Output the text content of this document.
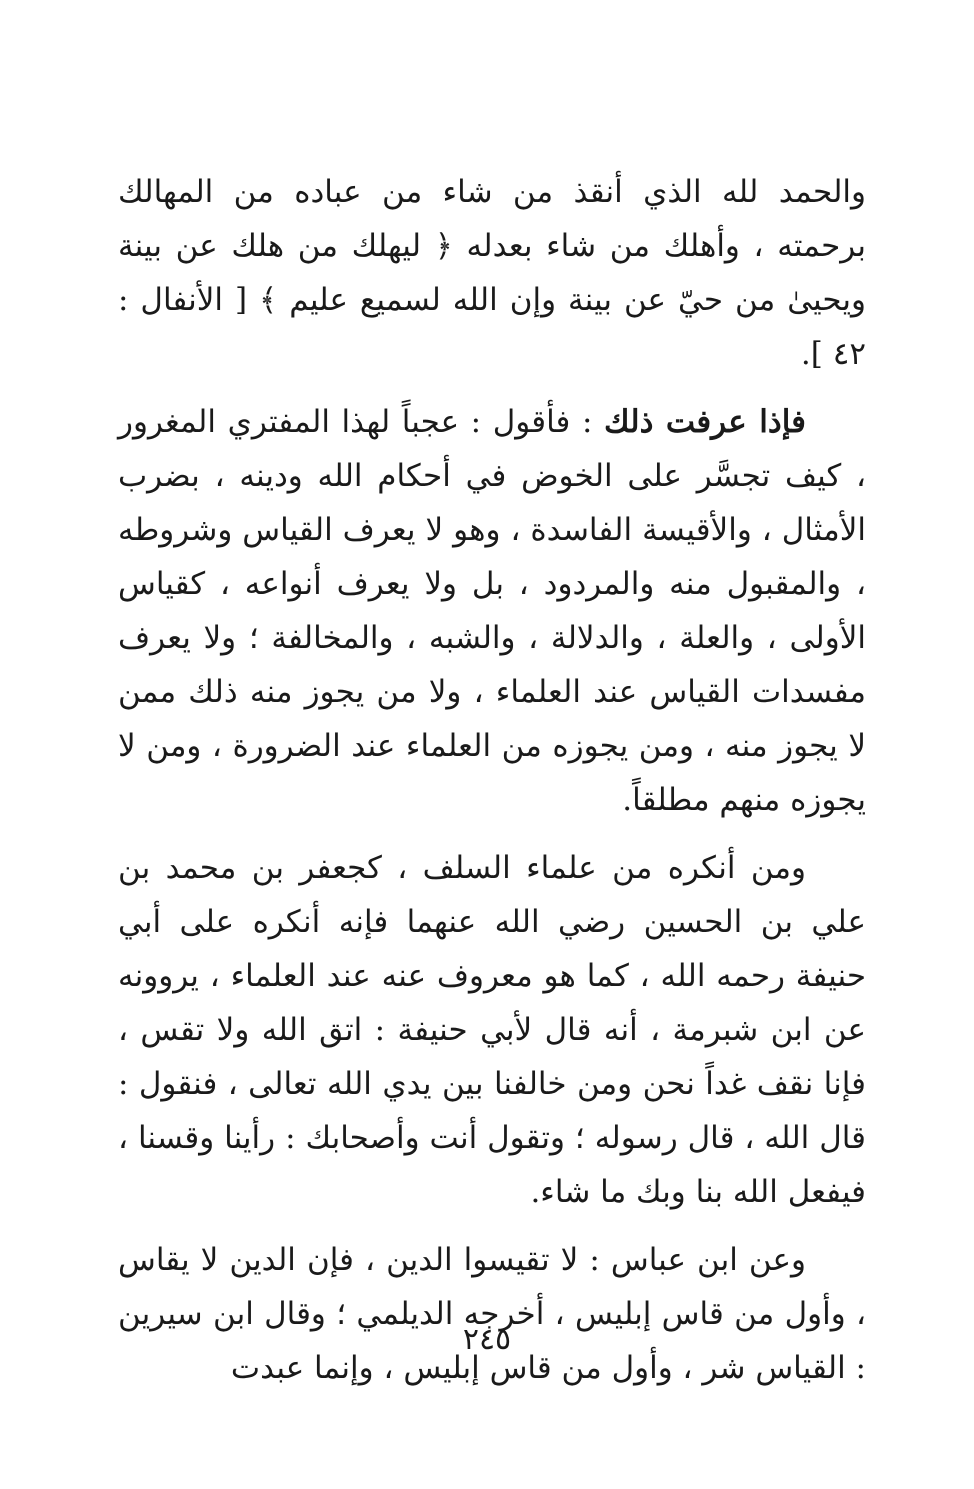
والحمد لله الذي أنقذ من شاء من عباده من المهالك برحمته ، وأهلك من شاء بعدله ﴿ ليهلك من هلك عن بينة ويحيىٰ من حيّ عن بينة وإن الله لسميع عليم ﴾ [ الأنفال : ٤٢ ].

فإذا عرفت ذلك : فأقول : عجباً لهذا المفتري المغرور ، كيف تجسَّر على الخوض في أحكام الله ودينه ، بضرب الأمثال ، والأقيسة الفاسدة ، وهو لا يعرف القياس وشروطه ، والمقبول منه والمردود ، بل ولا يعرف أنواعه ، كقياس الأولى ، والعلة ، والدلالة ، والشبه ، والمخالفة ؛ ولا يعرف مفسدات القياس عند العلماء ، ولا من يجوز منه ذلك ممن لا يجوز منه ، ومن يجوزه من العلماء عند الضرورة ، ومن لا يجوزه منهم مطلقاً.

ومن أنكره من علماء السلف ، كجعفر بن محمد بن علي بن الحسين رضي الله عنهما فإنه أنكره على أبي حنيفة رحمه الله ، كما هو معروف عنه عند العلماء ، يروونه عن ابن شبرمة ، أنه قال لأبي حنيفة : اتق الله ولا تقس ، فإنا نقف غداً نحن ومن خالفنا بين يدي الله تعالى ، فنقول : قال الله ، قال رسوله ؛ وتقول أنت وأصحابك : رأينا وقسنا ، فيفعل الله بنا وبك ما شاء.

وعن ابن عباس : لا تقيسوا الدين ، فإن الدين لا يقاس ، وأول من قاس إبليس ، أخرجه الديلمي ؛ وقال ابن سيرين : القياس شر ، وأول من قاس إبليس ، وإنما عبدت

٢٤٥
